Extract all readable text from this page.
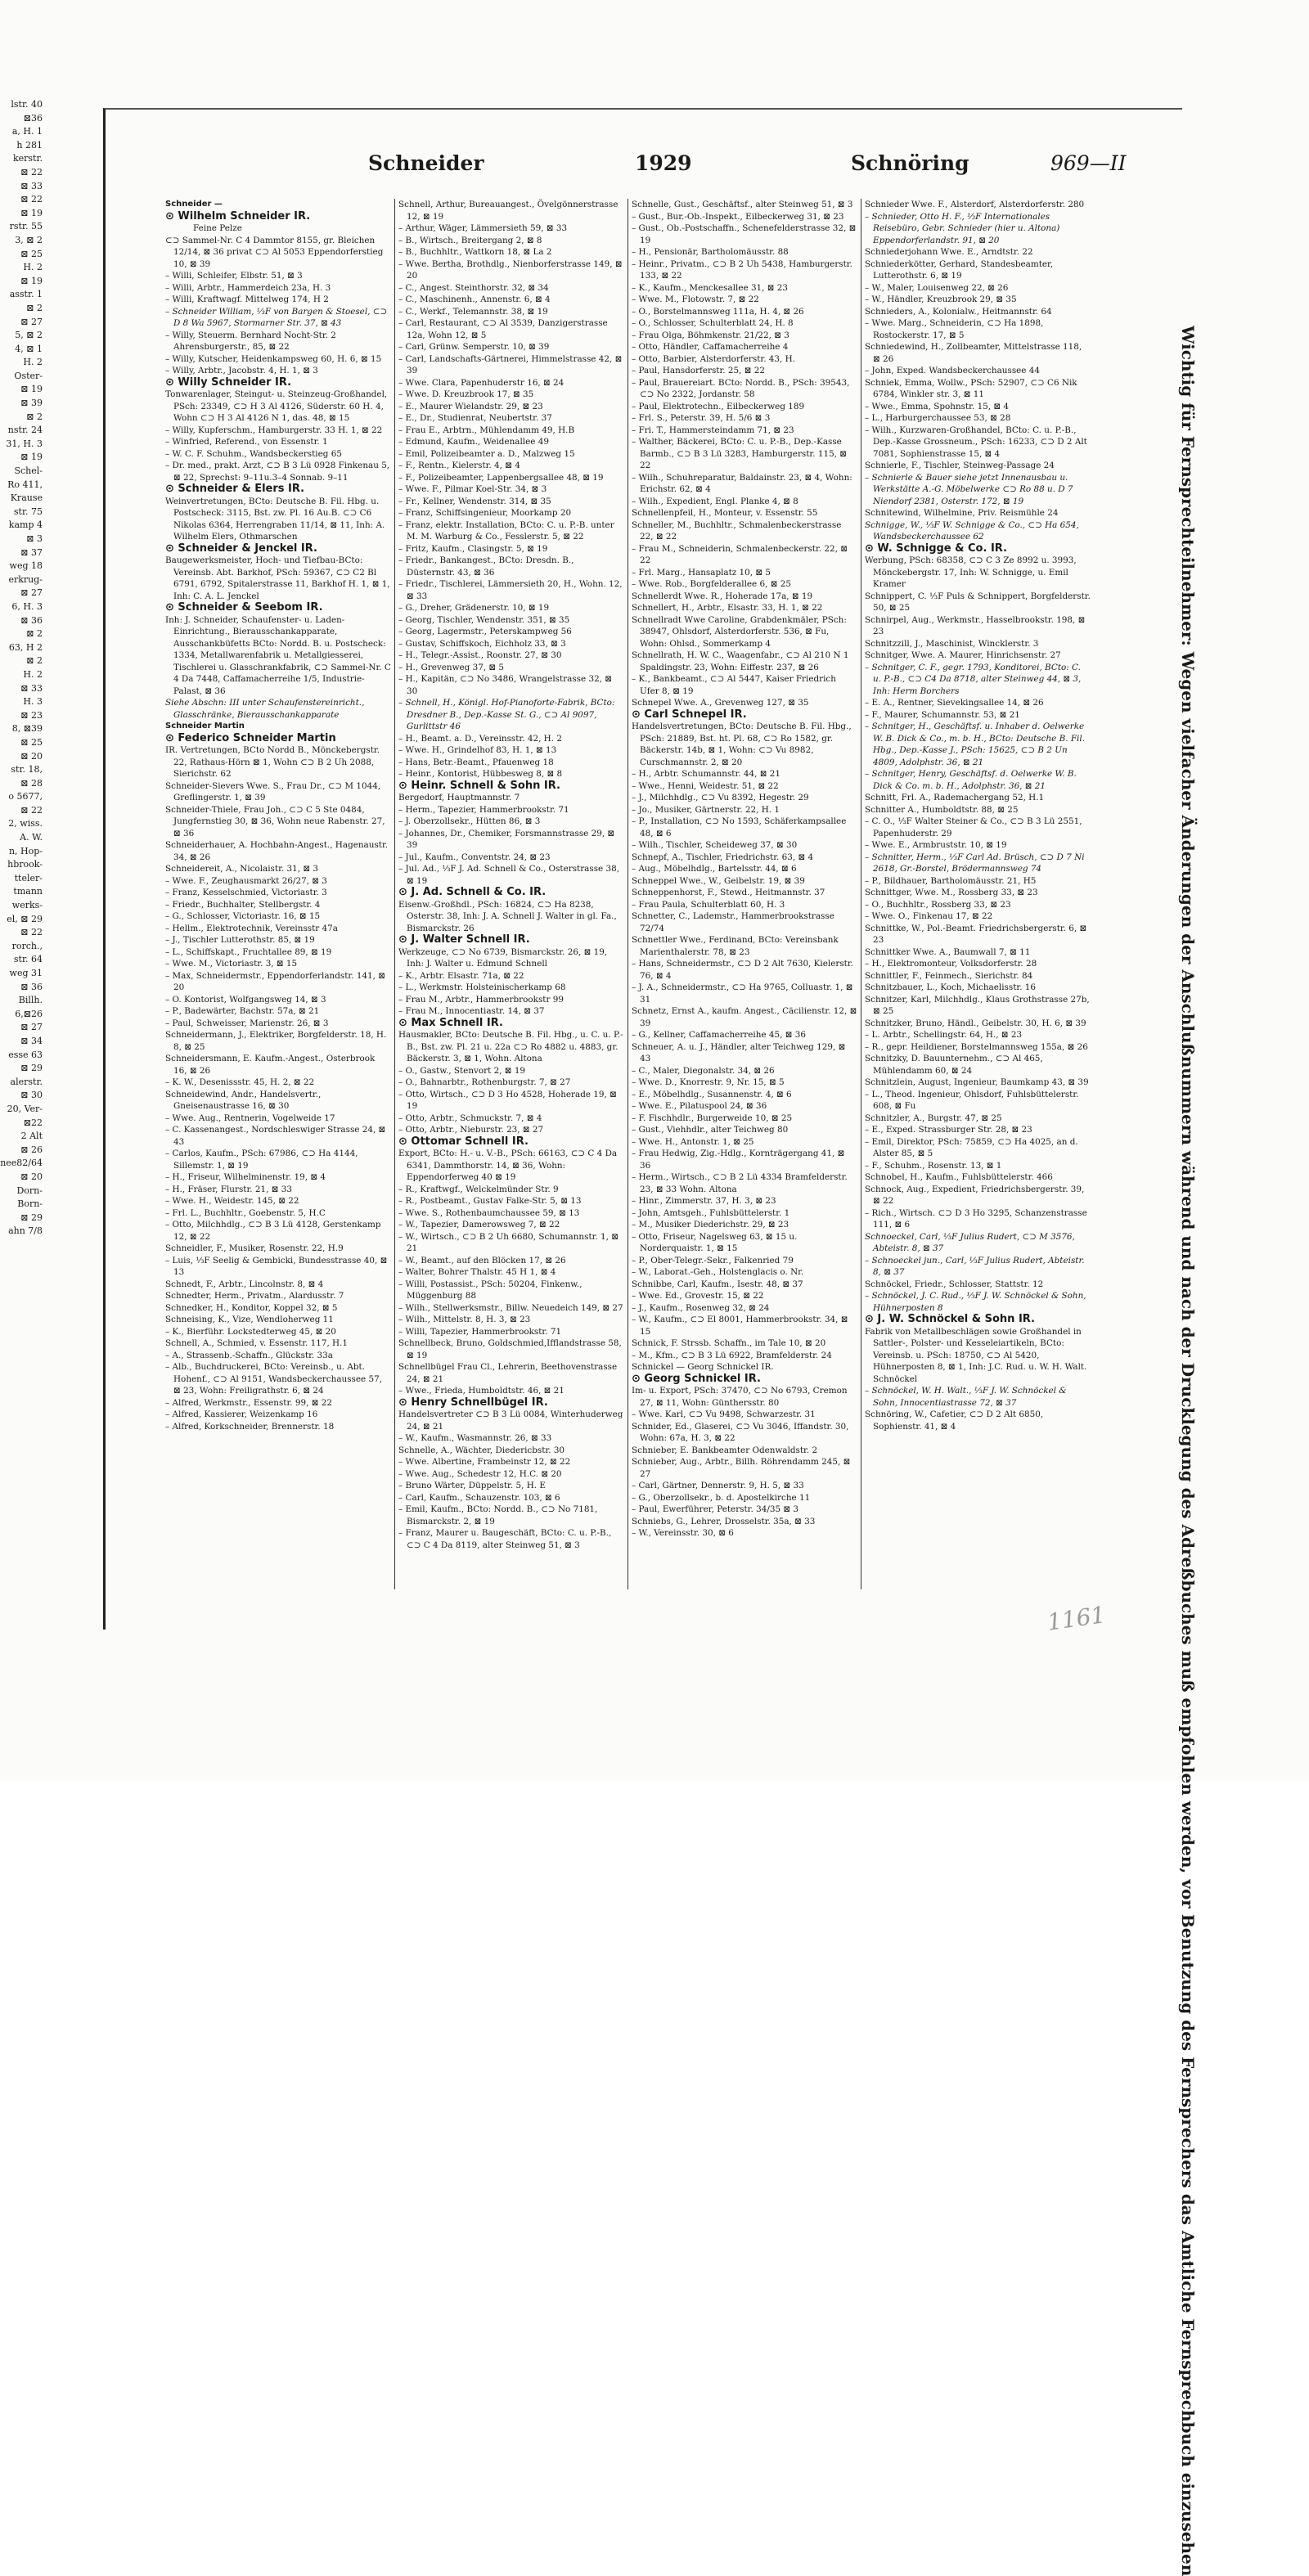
lstr. 40
⊠36
a, H. 1
h 281
kerstr.
⊠ 22
⊠ 33
⊠ 22
⊠ 19
rstr. 55
3, ⊠ 2
⊠ 25
H. 2
⊠ 19
asstr. 1
⊠ 2
⊠ 27
5, ⊠ 2
4, ⊠ 1
H. 2
Oster-
⊠ 19
⊠ 39
⊠ 2
nstr. 24
31, H. 3
⊠ 19
Schel-
Ro 411,
Krause
str. 75
kamp 4
⊠ 3
⊠ 37
weg 18
erkrug-
⊠ 27
6, H. 3
⊠ 36
⊠ 2
63, H 2
⊠ 2
H. 2
⊠ 33
H. 3
⊠ 23
8, ⊠39
⊠ 25
⊠ 20
str. 18,
⊠ 28
o 5677,
⊠ 22
2, wiss.
A. W.
n, Hop-
hbrook-
tteler-
tmann
werks-
el, ⊠ 29
⊠ 22
rorch.,
str. 64
weg 31
⊠ 36
Billh.
6,⊠26
⊠ 27
⊠ 34
esse 63
⊠ 29
alerstr.
⊠ 30
20, Ver-
⊠22
2 Alt
⊠ 26
nee82/64
⊠ 20
Dorn-
Born-
⊠ 29
ahn 7/8
Schneider	1929	Schnöring	969—II

Schneider —

⊙ Wilhelm Schneider IR.

Feine Pelze

⊂⊃ Sammel-Nr. C 4 Dammtor 8155, gr. Bleichen 12/14, ⊠ 36 privat ⊂⊃ Al 5053 Eppendorferstieg 10, ⊠ 39

– Willi, Schleifer, Elbstr. 51, ⊠ 3

– Willi, Arbtr., Hammerdeich 23a, H. 3

– Willi, Kraftwagf. Mittelweg 174, H 2

– Schneider William, ⅓F von Bargen & Stoesel, ⊂⊃ D 8 Wa 5967, Stormarner Str. 37, ⊠ 43

– Willy, Steuerm. Bernhard Nocht-Str. 2 Ahrensburgerstr., 85, ⊠ 22

– Willy, Kutscher, Heidenkampsweg 60, H. 6, ⊠ 15

– Willy, Arbtr., Jacobstr. 4, H. 1, ⊠ 3

⊙ Willy Schneider IR.

Tonwarenlager, Steingut- u. Steinzeug-Großhandel, PSch: 23349, ⊂⊃ H 3 Al 4126, Süderstr. 60 H. 4, Wohn ⊂⊃ H 3 Al 4126 N 1, das. 48, ⊠ 15

– Willy, Kupferschm., Hamburgerstr. 33 H. 1, ⊠ 22

– Winfried, Referend., von Essenstr. 1

– W. C. F. Schuhm., Wandsbeckerstieg 65

– Dr. med., prakt. Arzt, ⊂⊃ B 3 Lü 0928 Finkenau 5, ⊠ 22, Sprechst: 9–11u.3–4 Sonnab. 9–11

⊙ Schneider & Elers IR.

Weinvertretungen, BCto: Deutsche B. Fil. Hbg. u. Postscheck: 3115, Bst. zw. Pl. 16 Au.B. ⊂⊃ C6 Nikolas 6364, Herrengraben 11/14, ⊠ 11, Inh: A. Wilhelm Elers, Othmarschen

⊙ Schneider & Jenckel IR.

Baugewerksmeister, Hoch- und Tiefbau-BCto: Vereinsb. Abt. Barkhof, PSch: 59367, ⊂⊃ C2 Bl 6791, 6792, Spitalerstrasse 11, Barkhof H. 1, ⊠ 1, Inh: C. A. L. Jenckel

⊙ Schneider & Seebom IR.

Inh: J. Schneider, Schaufenster- u. Laden-Einrichtung., Bierausschankapparate, Ausschankbüfetts BCto: Nordd. B. u. Postscheck: 1334, Metallwarenfabrik u. Metallgiesserei, Tischlerei u. Glasschrankfabrik, ⊂⊃ Sammel-Nr. C 4 Da 7448, Caffamacherreihe 1/5, Industrie-Palast, ⊠ 36

Siehe Abschn: III unter Schaufenstereinricht., Glasschränke, Bierausschankapparate

Schneider Martin

⊙ Federico Schneider Martin

IR. Vertretungen, BCto Nordd B., Mönckebergstr. 22, Rathaus-Hörn ⊠ 1, Wohn ⊂⊃ B 2 Uh 2088, Sierichstr. 62

Schneider-Sievers Wwe. S., Frau Dr., ⊂⊃ M 1044, Greflingerstr. 1, ⊠ 39

Schneider-Thiele, Frau Joh., ⊂⊃ C 5 Ste 0484, Jungfernstieg 30, ⊠ 36, Wohn neue Rabenstr. 27, ⊠ 36

Schneiderhauer, A. Hochbahn-Angest., Hagenaustr. 34, ⊠ 26

Schneidereit, A., Nicolaistr. 31, ⊠ 3

– Wwe. F., Zeughausmarkt 26/27, ⊠ 3

– Franz, Kesselschmied, Victoriastr. 3

– Friedr., Buchhalter, Stellbergstr. 4

– G., Schlosser, Victoriastr. 16, ⊠ 15

– Hellm., Elektrotechnik, Vereinsstr 47a

– J., Tischler Lutterothstr. 85, ⊠ 19

– L., Schiffskapt., Fruchtallee 89, ⊠ 19

– Wwe. M., Victoriastr. 3, ⊠ 15

– Max, Schneidermstr., Eppendorferlandstr. 141, ⊠ 20

– O. Kontorist, Wolfgangsweg 14, ⊠ 3

– P., Badewärter, Bachstr. 57a, ⊠ 21

– Paul, Schweisser, Marienstr. 26, ⊠ 3

Schneidermann, J., Elektriker, Borgfelderstr. 18, H. 8, ⊠ 25

Schneidersmann, E. Kaufm.-Angest., Osterbrook 16, ⊠ 26

– K. W., Desenissstr. 45, H. 2, ⊠ 22

Schneidewind, Andr., Handelsvertr., Gneisenaustrasse 16, ⊠ 30

– Wwe. Aug., Rentnerin, Vogelweide 17

– C. Kassenangest., Nordschleswiger Strasse 24, ⊠ 43

– Carlos, Kaufm., PSch: 67986, ⊂⊃ Ha 4144, Sillemstr. 1, ⊠ 19

– H., Friseur, Wilhelminenstr. 19, ⊠ 4

– H., Fräser, Flurstr. 21, ⊠ 33

– Wwe. H., Weidestr. 145, ⊠ 22

– Frl. L., Buchhltr., Goebenstr. 5, H.C

– Otto, Milchhdlg., ⊂⊃ B 3 Lü 4128, Gerstenkamp 12, ⊠ 22

Schneidler, F., Musiker, Rosenstr. 22, H.9

– Luis, ⅓F Seelig & Gembicki, Bundesstrasse 40, ⊠ 13

Schnedt, F., Arbtr., Lincolnstr. 8, ⊠ 4

Schnedter, Herm., Privatm., Alardusstr. 7

Schnedker, H., Konditor, Koppel 32, ⊠ 5

Schneising, K., Vize, Wendloherweg 11

– K., Bierführ. Lockstedterweg 45, ⊠ 20

Schnell, A., Schmied, v. Essenstr. 117, H.1

– A., Strassenb.-Schaffn., Glückstr. 33a

– Alb., Buchdruckerei, BCto: Vereinsb., u. Abt. Hohenf., ⊂⊃ Al 9151, Wandsbeckerchaussee 57, ⊠ 23, Wohn: Freiligrathstr. 6, ⊠ 24

– Alfred, Werkmstr., Essenstr. 99, ⊠ 22

– Alfred, Kassierer, Weizenkamp 16

– Alfred, Korkschneider, Brennerstr. 18

Schnell, Arthur, Bureauangest., Övelgönnerstrasse 12, ⊠ 19

– Arthur, Wäger, Lämmersieth 59, ⊠ 33

– B., Wirtsch., Breitergang 2, ⊠ 8

– B., Buchhltr., Wattkorn 18, ⊠ La 2

– Wwe. Bertha, Brothdlg., Nienborferstrasse 149, ⊠ 20

– C., Angest. Steinthorstr. 32, ⊠ 34

– C., Maschinenh., Annenstr. 6, ⊠ 4

– C., Werkf., Telemannstr. 38, ⊠ 19

– Carl, Restaurant, ⊂⊃ Al 3539, Danzigerstrasse 12a, Wohn 12, ⊠ 5

– Carl, Grünw. Semperstr. 10, ⊠ 39

– Carl, Landschafts-Gärtnerei, Himmelstrasse 42, ⊠ 39

– Wwe. Clara, Papenhuderstr 16, ⊠ 24

– Wwe. D. Kreuzbrook 17, ⊠ 35

– E., Maurer Wielandstr. 29, ⊠ 23

– E., Dr., Studienrat, Neubertstr. 37

– Frau E., Arbtrn., Mühlendamm 49, H.B

– Edmund, Kaufm., Weidenallee 49

– Emil, Polizeibeamter a. D., Malzweg 15

– F., Rentn., Kielerstr. 4, ⊠ 4

– F., Polizeibeamter, Lappenbergsallee 48, ⊠ 19

– Wwe. F., Pilmar Koel-Str. 34, ⊠ 3

– Fr., Kellner, Wendenstr. 314, ⊠ 35

– Franz, Schiffsingenieur, Moorkamp 20

– Franz, elektr. Installation, BCto: C. u. P.-B. unter M. M. Warburg & Co., Fesslerstr. 5, ⊠ 22

– Fritz, Kaufm., Clasingstr. 5, ⊠ 19

– Friedr., Bankangest., BCto: Dresdn. B., Düsternstr. 43, ⊠ 36

– Friedr., Tischlerei, Lämmersieth 20, H., Wohn. 12, ⊠ 33

– G., Dreher, Grädenerstr. 10, ⊠ 19

– Georg, Tischler, Wendenstr. 351, ⊠ 35

– Georg, Lagermstr., Peterskampweg 56

– Gustav, Schiffskoch, Eichholz 33, ⊠ 3

– H., Telegr.-Assist., Roonstr. 27, ⊠ 30

– H., Grevenweg 37, ⊠ 5

– H., Kapitän, ⊂⊃ No 3486, Wrangelstrasse 32, ⊠ 30

– Schnell, H., Königl. Hof-Pianoforte-Fabrik, BCto: Dresdner B., Dep.-Kasse St. G., ⊂⊃ Al 9097, Gurlittstr 46

– H., Beamt. a. D., Vereinsstr. 42, H. 2

– Wwe. H., Grindelhof 83, H. 1, ⊠ 13

– Hans, Betr.-Beamt., Pfauenweg 18

– Heinr., Kontorist, Hübbesweg 8, ⊠ 8

⊙ Heinr. Schnell & Sohn IR.

Bergedorf, Hauptmannstr. 7

– Herm., Tapezier, Hammerbrookstr. 71

– J. Oberzollsekr., Hütten 86, ⊠ 3

– Johannes, Dr., Chemiker, Forsmannstrasse 29, ⊠ 39

– Jul., Kaufm., Conventstr. 24, ⊠ 23

– Jul. Ad., ⅓F J. Ad. Schnell & Co., Osterstrasse 38, ⊠ 19

⊙ J. Ad. Schnell & Co. IR.

Eisenw.-Großhdl., PSch: 16824, ⊂⊃ Ha 8238, Osterstr. 38, Inh: J. A. Schnell J. Walter in gl. Fa., Bismarckstr. 26

⊙ J. Walter Schnell IR.

Werkzeuge, ⊂⊃ No 6739, Bismarckstr. 26, ⊠ 19, Inh: J. Walter u. Edmund Schnell

– K., Arbtr. Elsastr. 71a, ⊠ 22

– L., Werkmstr. Holsteinischerkamp 68

– Frau M., Arbtr., Hammerbrookstr 99

– Frau M., Innocentiastr. 14, ⊠ 37

⊙ Max Schnell IR.

Hausmakler, BCto: Deutsche B. Fil. Hbg., u. C. u. P.-B., Bst. zw. Pl. 21 u. 22a ⊂⊃ Ro 4882 u. 4883, gr. Bäckerstr. 3, ⊠ 1, Wohn. Altona

– O., Gastw., Stenvort 2, ⊠ 19

– O., Bahnarbtr., Rothenburgstr. 7, ⊠ 27

– Otto, Wirtsch., ⊂⊃ D 3 Ho 4528, Hoheradе 19, ⊠ 19

– Otto, Arbtr., Schmuckstr. 7, ⊠ 4

– Otto, Arbtr., Nieburstr. 23, ⊠ 27

⊙ Ottomar Schnell IR.

Export, BCto: H.- u. V.-B., PSch: 66163, ⊂⊃ C 4 Da 6341, Dammthorstr. 14, ⊠ 36, Wohn: Eppendorferweg 40 ⊠ 19

– R., Kraftwgf., Welckelmünder Str. 9

– R., Postbeamt., Gustav Falke-Str. 5, ⊠ 13

– Wwe. S., Rothenbaumchaussee 59, ⊠ 13

– W., Tapezier, Damerowsweg 7, ⊠ 22

– W., Wirtsch., ⊂⊃ B 2 Uh 6680, Schumannstr. 1, ⊠ 21

– W., Beamt., auf den Blöcken 17, ⊠ 26

– Walter, Bohrer Thalstr. 45 H 1, ⊠ 4

– Willi, Postassist., PSch: 50204, Finkenw., Müggenburg 88

– Wilh., Stellwerksmstr., Billw. Neuedeich 149, ⊠ 27

– Wilh., Mittelstr. 8, H. 3, ⊠ 23

– Willi, Tapezier, Hammerbrookstr. 71

Schnellbeck, Bruno, Goldschmied,Ifflandstrasse 58, ⊠ 19

Schnellbügel Frau Cl., Lehrerin, Beethovenstrasse 24, ⊠ 21

– Wwe., Frieda, Humboldtstr. 46, ⊠ 21

⊙ Henry Schnellbügel IR.

Handelsvertreter ⊂⊃ B 3 Lü 0084, Winterhuderweg 24, ⊠ 21

– W., Kaufm., Wasmannstr. 26, ⊠ 33

Schnelle, A., Wächter, Diedericbstr. 30

– Wwe. Albertine, Frambeinstr 12, ⊠ 22

– Wwe. Aug., Schedestr 12, H.C. ⊠ 20

– Bruno Wärter, Düppelstr. 5, H. E

– Carl, Kaufm., Schauzenstr. 103, ⊠ 6

– Emil, Kaufm., BCto: Nordd. B., ⊂⊃ No 7181, Bismarckstr. 2, ⊠ 19

– Franz, Maurer u. Baugeschäft, BCto: C. u. P.-B., ⊂⊃ C 4 Da 8119, alter Steinweg 51, ⊠ 3

Schnelle, Gust., Geschäftsf., alter Steinweg 51, ⊠ 3

– Gust., Bur.-Ob.-Inspekt., Eilbeckerweg 31, ⊠ 23

– Gust., Ob.-Postschaffn., Schenefelderstrasse 32, ⊠ 19

– H., Pensionär, Bartholomäusstr. 88

– Heinr., Privatm., ⊂⊃ B 2 Uh 5438, Hamburgerstr. 133, ⊠ 22

– K., Kaufm., Menckesallee 31, ⊠ 23

– Wwe. M., Flotowstr. 7, ⊠ 22

– O., Borstelmannsweg 111a, H. 4, ⊠ 26

– O., Schlosser, Schulterblatt 24, H. 8

– Frau Olga, Böhmkenstr. 21/22, ⊠ 3

– Otto, Händler, Caffamacherreihe 4

– Otto, Barbier, Alsterdorferstr. 43, H.

– Paul, Hansdorferstr. 25, ⊠ 22

– Paul, Brauereiart. BCto: Nordd. B., PSch: 39543, ⊂⊃ No 2322, Jordanstr. 58

– Paul, Elektrotechn., Eilbeckerweg 189

– Frl. S., Peterstr. 39, H. 5/6 ⊠ 3

– Fri. T., Hammersteindamm 71, ⊠ 23

– Walther, Bäckerei, BCto: C. u. P.-B., Dep.-Kasse Barmb., ⊂⊃ B 3 Lü 3283, Hamburgerstr. 115, ⊠ 22

– Wilh., Schuhreparatur, Baldainstr. 23, ⊠ 4, Wohn: Erichstr. 62, ⊠ 4

– Wilh., Expedient, Engl. Planke 4, ⊠ 8

Schnellenpfeil, H., Monteur, v. Essenstr. 55

Schneller, M., Buchhltr., Schmalenbeckerstrasse 22, ⊠ 22

– Frau M., Schneiderin, Schmalenbeckerstr. 22, ⊠ 22

– Frl. Marg., Hansaplatz 10, ⊠ 5

– Wwe. Rob., Borgfelderallee 6, ⊠ 25

Schnellerdt Wwe. R., Hoherade 17a, ⊠ 19

Schnellert, H., Arbtr., Elsastr. 33, H. 1, ⊠ 22

Schnellradt Wwe Caroline, Grabdenkmäler, PSch: 38947, Ohlsdorf, Alsterdorferstr. 536, ⊠ Fu, Wohn: Ohlsd., Sommerkamp 4

Schnellrath, H. W. C., Waagenfabr., ⊂⊃ Al 210 N 1 Spaldingstr. 23, Wohn: Eiffestr. 237, ⊠ 26

– K., Bankbeamt., ⊂⊃ Al 5447, Kaiser Friedrich Ufer 8, ⊠ 19

Schnepel Wwe. A., Grevenweg 127, ⊠ 35

⊙ Carl Schnepel IR.

Handelsvertretungen, BCto: Deutsche B. Fil. Hbg., PSch: 21889, Bst. ht. Pl. 68, ⊂⊃ Ro 1582, gr. Bäckerstr. 14b, ⊠ 1, Wohn: ⊂⊃ Vu 8982, Curschmannstr. 2, ⊠ 20

– H., Arbtr. Schumannstr. 44, ⊠ 21

– Wwe., Henni, Weidestr. 51, ⊠ 22

– J., Milchhdlg., ⊂⊃ Vu 8392, Hegestr. 29

– Jo., Musiker, Gärtnerstr. 22, H. 1

– P., Installation, ⊂⊃ No 1593, Schäferkampsallee 48, ⊠ 6

– Wilh., Tischler, Scheideweg 37, ⊠ 30

Schnepf, A., Tischler, Friedrichstr. 63, ⊠ 4

– Aug., Möbelhdlg., Bartelsstr. 44, ⊠ 6

Schneppel Wwe., W., Geibelstr. 19, ⊠ 39

Schneppenhorst, F., Stewd., Heitmannstr. 37

– Frau Paula, Schulterblatt 60, H. 3

Schnetter, C., Lademstr., Hammerbrookstrasse 72/74

Schnettler Wwe., Ferdinand, BCto: Vereinsbank Marienthalerstr. 78, ⊠ 23

– Hans, Schneidermstr., ⊂⊃ D 2 Alt 7630, Kielerstr. 76, ⊠ 4

– J. A., Schneidermstr., ⊂⊃ Ha 9765, Colluastr. 1, ⊠ 31

Schnetz, Ernst A., kaufm. Angest., Cäcilienstr. 12, ⊠ 39

– G., Kellner, Caffamacherreihe 45, ⊠ 36

Schneuer, A. u. J., Händler, alter Teichweg 129, ⊠ 43

– C., Maler, Diegonalstr. 34, ⊠ 26

– Wwe. D., Knorrestr. 9, Nr. 15, ⊠ 5

– E., Möbelhdlg., Susannenstr. 4, ⊠ 6

– Wwe. E., Pilatuspool 24, ⊠ 36

– F. Fischhdlr., Burgerweide 10, ⊠ 25

– Gust., Viehhdlr., alter Teichweg 80

– Wwe. H., Antonstr. 1, ⊠ 25

– Frau Hedwig, Zig.-Hdlg., Kornträgergang 41, ⊠ 36

– Herm., Wirtsch., ⊂⊃ B 2 Lü 4334 Bramfelderstr. 23, ⊠ 33 Wohn. Altona

– Hinr., Zimmerstr. 37, H. 3, ⊠ 23

– John, Amtsgeh., Fuhlsbüttelerstr. 1

– M., Musiker Diederichstr. 29, ⊠ 23

– Otto, Friseur, Nagelsweg 63, ⊠ 15 u. Norderquaistr. 1, ⊠ 15

– P., Ober-Telegr.-Sekr., Falkenried 79

– W., Laborat.-Geh., Holstenglacis o. Nr.

Schnibbe, Carl, Kaufm., Isestr. 48, ⊠ 37

– Wwe. Ed., Grovestr. 15, ⊠ 22

– J., Kaufm., Rosenweg 32, ⊠ 24

– W., Kaufm., ⊂⊃ El 8001, Hammerbrookstr. 34, ⊠ 15

Schnick, F. Strssb. Schaffn., im Tale 10, ⊠ 20

– M., Kfm., ⊂⊃ B 3 Lü 6922, Bramfelderstr. 24

Schnickel — Georg Schnickel IR.

⊙ Georg Schnickel IR.

Im- u. Export, PSch: 37470, ⊂⊃ No 6793, Cremon 27, ⊠ 11, Wohn: Günthersstr. 80

– Wwe. Karl, ⊂⊃ Vu 9498, Schwarzestr. 31

Schnider, Ed., Glaserei, ⊂⊃ Vu 3046, Iffandstr. 30, Wohn: 67a, H. 3, ⊠ 22

Schnieber, E. Bankbeamter Odenwaldstr. 2

Schnieber, Aug., Arbtr., Billh. Röhrendamm 245, ⊠ 27

– Carl, Gärtner, Dennerstr. 9, H. 5, ⊠ 33

– G., Oberzollsekr., b. d. Apostelkirche 11

– Paul, Ewerführer, Peterstr. 34/35 ⊠ 3

Schniebs, G., Lehrer, Drosselstr. 35a, ⊠ 33

– W., Vereinsstr. 30, ⊠ 6

Schnieder Wwe. F., Alsterdorf, Alsterdorferstr. 280

– Schnieder, Otto H. F., ⅓F Internationales Reisebüro, Gebr. Schnieder (hier u. Altona) Eppendorferlandstr. 91, ⊠ 20

Schniederjohann Wwe. E., Arndtstr. 22

Schniederkötter, Gerhard, Standesbeamter, Lutterothstr. 6, ⊠ 19

– W., Maler, Louisenweg 22, ⊠ 26

– W., Händler, Kreuzbrook 29, ⊠ 35

Schnieders, A., Kolonialw., Heitmannstr. 64

– Wwe. Marg., Schneiderin, ⊂⊃ Ha 1898, Rostockerstr. 17, ⊠ 5

Schniedewind, H., Zollbeamter, Mittelstrasse 118, ⊠ 26

– John, Exped. Wandsbeckerchaussee 44

Schniek, Emma, Wollw., PSch: 52907, ⊂⊃ C6 Nik 6784, Winkler str. 3, ⊠ 11

– Wwe., Emma, Spohnstr. 15, ⊠ 4

– L., Harburgerchaussee 53, ⊠ 28

– Wilh., Kurzwaren-Großhandel, BCto: C. u. P.-B., Dep.-Kasse Grossneum., PSch: 16233, ⊂⊃ D 2 Alt 7081, Sophienstrasse 15, ⊠ 4

Schnierle, F., Tischler, Steinweg-Passage 24

– Schnierle & Bauer siehe jetzt Innenausbau u. Werkstätte A.-G. Möbelwerke ⊂⊃ Ro 88 u. D 7 Niendorf 2381, Osterstr. 172, ⊠ 19

Schnitewind, Wilhelmine, Priv. Reismühle 24

Schnigge, W., ⅓F W. Schnigge & Co., ⊂⊃ Ha 654, Wandsbeckerchaussee 62

⊙ W. Schnigge & Co. IR.

Werbung, PSch: 68358, ⊂⊃ C 3 Ze 8992 u. 3993, Mönckebergstr. 17, Inh: W. Schnigge, u. Emil Kramer

Schnippert, C. ⅓F Puls & Schnippert, Borgfelderstr. 50, ⊠ 25

Schnirpel, Aug., Werkmstr., Hasselbrookstr. 198, ⊠ 23

Schnitzzill, J., Maschinist, Wincklerstr. 3

Schnitger, Wwe. A. Maurer, Hinrichsenstr. 27

– Schnitger, C. F., gegr. 1793, Konditorei, BCto: C. u. P.-B., ⊂⊃ C4 Da 8718, alter Steinweg 44, ⊠ 3, Inh: Herm Borchers

– E. A., Rentner, Sievekingsallee 14, ⊠ 26

– F., Maurer, Schumannstr. 53, ⊠ 21

– Schnitger, H., Geschäftsf. u. Inhaber d. Oelwerke W. B. Dick & Co., m. b. H., BCto: Deutsche B. Fil. Hbg., Dep.-Kasse J., PSch: 15625, ⊂⊃ B 2 Un 4809, Adolphstr. 36, ⊠ 21

– Schnitger, Henry, Geschäftsf. d. Oelwerke W. B. Dick & Co. m. b. H., Adolphstr. 36, ⊠ 21

Schnitt, Frl. A., Rademachergang 52, H.1

Schnitter A., Humboldtstr. 88, ⊠ 25

– C. O., ⅓F Walter Steiner & Co., ⊂⊃ B 3 Lü 2551, Papenhuderstr. 29

– Wwe. E., Armbruststr. 10, ⊠ 19

– Schnitter, Herm., ⅓F Carl Ad. Brüsch, ⊂⊃ D 7 Ni 2618, Gr.-Borstel, Brödermannsweg 74

– P., Bildhauer, Bartholomäusstr. 21, H5

Schnittger, Wwe. M., Rossberg 33, ⊠ 23

– O., Buchhltr., Rossberg 33, ⊠ 23

– Wwe. O., Finkenau 17, ⊠ 22

Schnittke, W., Pol.-Beamt. Friedrichsbergerstr. 6, ⊠ 23

Schnittker Wwe. A., Baumwall 7, ⊠ 11

– H., Elektromonteur, Volksdorferstr. 28

Schnittler, F., Feinmech., Sierichstr. 84

Schnitzbauer, L., Koch, Michaelisstr. 16

Schnitzer, Karl, Milchhdlg., Klaus Grothstrasse 27b, ⊠ 25

Schnitzker, Bruno, Händl., Geibelstr. 30, H. 6, ⊠ 39

– L. Arbtr., Schellingstr. 64, H., ⊠ 23

– R., gepr. Heildiener, Borstelmannsweg 155a, ⊠ 26

Schnitzky, D. Bauunternehm., ⊂⊃ Al 465, Mühlendamm 60, ⊠ 24

Schnitzlein, August, Ingenieur, Baumkamp 43, ⊠ 39

– L., Theod. Ingenieur, Ohlsdorf, Fuhlsbüttelerstr. 608, ⊠ Fu

Schnitzler, A., Burgstr. 47, ⊠ 25

– E., Exped. Strassburger Str. 28, ⊠ 23

– Emil, Direktor, PSch: 75859, ⊂⊃ Ha 4025, an d. Alster 85, ⊠ 5

– F., Schuhm., Rosenstr. 13, ⊠ 1

Schnobel, H., Kaufm., Fuhlsbüttelerstr. 466

Schnock, Aug., Expedient, Friedrichsbergerstr. 39, ⊠ 22

– Rich., Wirtsch. ⊂⊃ D 3 Ho 3295, Schanzenstrasse 111, ⊠ 6

Schnoeckel, Carl, ⅓F Julius Rudert, ⊂⊃ M 3576, Abteistr. 8, ⊠ 37

– Schnoeckel jun., Carl, ⅓F Julius Rudert, Abteistr. 8, ⊠ 37

Schnöckel, Friedr., Schlosser, Stattstr. 12

– Schnöckel, J. C. Rud., ⅓F J. W. Schnöckel & Sohn, Hühnerposten 8

⊙ J. W. Schnöckel & Sohn IR.

Fabrik von Metallbeschlägen sowie Großhandel in Sattler-, Polster- und Kesseleiartikeln, BCto: Vereinsb. u. PSch: 18750, ⊂⊃ Al 5420, Hühnerposten 8, ⊠ 1, Inh: J.C. Rud. u. W. H. Walt. Schnöckel

– Schnöckel, W. H. Walt., ⅓F J. W. Schnöckel & Sohn, Innocentiastrasse 72, ⊠ 37

Schnöring, W., Cafetier, ⊂⊃ D 2 Alt 6850, Sophienstr. 41, ⊠ 4	Wichtig für Fernsprechteilnehmer: Wegen vielfacher Änderungen der Anschlußnummern während und nach der Drucklegung des Adreßbuches muß empfohlen werden, vor Benutzung des Fernsprechers das Amtliche Fernsprechbuch einzusehen
1161
